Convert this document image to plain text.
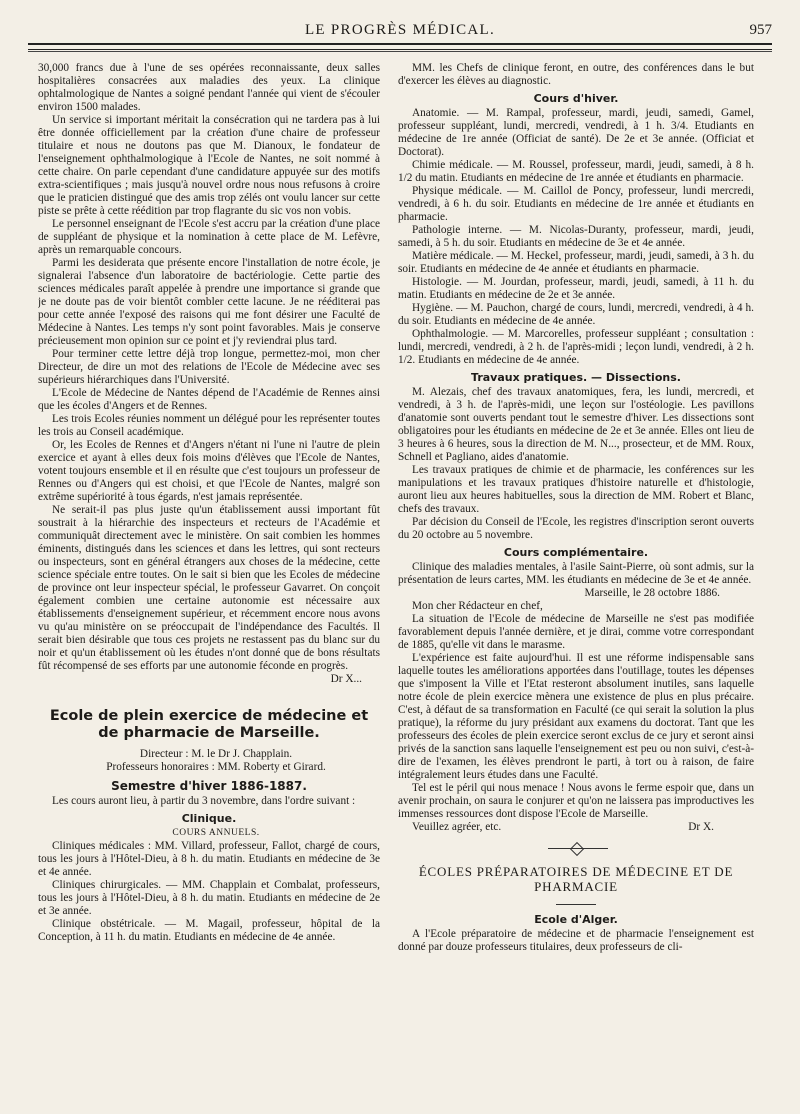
LE PROGRÈS MÉDICAL.	957

30,000 francs due à l'une de ses opérées reconnaissante, deux salles hospitalières consacrées aux maladies des yeux. La clinique ophtalmologique de Nantes a soigné pendant l'année qui vient de s'écouler environ 1500 malades.

Un service si important méritait la consécration qui ne tardera pas à lui être donnée officiellement par la création d'une chaire de professeur titulaire et nous ne doutons pas que M. Dianoux, le fondateur de l'enseignement ophthalmologique à l'Ecole de Nantes, ne soit nommé à cette chaire. On parle cependant d'une candidature appuyée sur des motifs extra-scientifiques ; mais jusqu'à nouvel ordre nous nous refusons à croire que le praticien distingué que des amis trop zélés ont voulu lancer sur cette piste se prête à cette réédition par trop flagrante du sic vos non vobis.

Le personnel enseignant de l'Ecole s'est accru par la création d'une place de suppléant de physique et la nomination à cette place de M. Lefèvre, après un remarquable concours.

Parmi les desiderata que présente encore l'installation de notre école, je signalerai l'absence d'un laboratoire de bactériologie. Cette partie des sciences médicales paraît appelée à prendre une importance si grande que je ne doute pas de voir bientôt combler cette lacune. Je ne rééditerai pas pour cette année l'exposé des raisons qui me font désirer une Faculté de Médecine à Nantes. Les temps n'y sont point favorables. Mais je conserve précieusement mon opinion sur ce point et j'y reviendrai plus tard.

Pour terminer cette lettre déjà trop longue, permettez-moi, mon cher Directeur, de dire un mot des relations de l'Ecole de Médecine avec ses supérieurs hiérarchiques dans l'Université.

L'Ecole de Médecine de Nantes dépend de l'Académie de Rennes ainsi que les écoles d'Angers et de Rennes.

Les trois Ecoles réunies nomment un délégué pour les représenter toutes les trois au Conseil académique.

Or, les Ecoles de Rennes et d'Angers n'étant ni l'une ni l'autre de plein exercice et ayant à elles deux fois moins d'élèves que l'Ecole de Nantes, votent toujours ensemble et il en résulte que c'est toujours un professeur de Rennes ou d'Angers qui est choisi, et que l'Ecole de Nantes, malgré son extrême supériorité à tous égards, n'est jamais représentée.

Ne serait-il pas plus juste qu'un établissement aussi important fût soustrait à la hiérarchie des inspecteurs et recteurs de l'Académie et communiquât directement avec le ministère. On sait combien les hommes éminents, distingués dans les sciences et dans les lettres, qui sont recteurs ou inspecteurs, sont en général étrangers aux choses de la médecine, cette science spéciale entre toutes. On le sait si bien que les Ecoles de médecine de province ont leur inspecteur spécial, le professeur Gavarret. On conçoit également combien une certaine autonomie est nécessaire aux établissements d'enseignement supérieur, et récemment encore nous avons vu qu'au ministère on se préoccupait de l'indépendance des Facultés. Il serait bien désirable que tous ces projets ne restassent pas du blanc sur du noir et qu'un établissement où les études n'ont donné que de bons résultats fût récompensé de ses efforts par une autonomie féconde en progrès.

Dr X...

Ecole de plein exercice de médecine et de pharmacie de Marseille.

Directeur : M. le Dr J. Chapplain.

Professeurs honoraires : MM. Roberty et Girard.

Semestre d'hiver 1886-1887.

Les cours auront lieu, à partir du 3 novembre, dans l'ordre suivant :

Clinique.

COURS ANNUELS.

Cliniques médicales : MM. Villard, professeur, Fallot, chargé de cours, tous les jours à l'Hôtel-Dieu, à 8 h. du matin. Etudiants en médecine de 3e et 4e année.

Cliniques chirurgicales. — MM. Chapplain et Combalat, professeurs, tous les jours à l'Hôtel-Dieu, à 8 h. du matin. Etudiants en médecine de 2e et 3e année.

Clinique obstétricale. — M. Magail, professeur, hôpital de la Conception, à 11 h. du matin. Etudiants en médecine de 4e année.

MM. les Chefs de clinique feront, en outre, des conférences dans le but d'exercer les élèves au diagnostic.

Cours d'hiver.

Anatomie. — M. Rampal, professeur, mardi, jeudi, samedi, Gamel, professeur suppléant, lundi, mercredi, vendredi, à 1 h. 3/4. Etudiants en médecine de 1re année (Officiat de santé). De 2e et 3e année. (Officiat et Doctorat).

Chimie médicale. — M. Roussel, professeur, mardi, jeudi, samedi, à 8 h. 1/2 du matin. Etudiants en médecine de 1re année et étudiants en pharmacie.

Physique médicale. — M. Caillol de Poncy, professeur, lundi mercredi, vendredi, à 6 h. du soir. Etudiants en médecine de 1re année et étudiants en pharmacie.

Pathologie interne. — M. Nicolas-Duranty, professeur, mardi, jeudi, samedi, à 5 h. du soir. Etudiants en médecine de 3e et 4e année.

Matière médicale. — M. Heckel, professeur, mardi, jeudi, samedi, à 3 h. du soir. Etudiants en médecine de 4e année et étudiants en pharmacie.

Histologie. — M. Jourdan, professeur, mardi, jeudi, samedi, à 11 h. du matin. Etudiants en médecine de 2e et 3e année.

Hygiène. — M. Pauchon, chargé de cours, lundi, mercredi, vendredi, à 4 h. du soir. Etudiants en médecine de 4e année.

Ophthalmologie. — M. Marcorelles, professeur suppléant ; consultation : lundi, mercredi, vendredi, à 2 h. de l'après-midi ; leçon lundi, vendredi, à 2 h. 1/2. Etudiants en médecine de 4e année.

Travaux pratiques. — Dissections.

M. Alezais, chef des travaux anatomiques, fera, les lundi, mercredi, et vendredi, à 3 h. de l'après-midi, une leçon sur l'ostéologie. Les pavillons d'anatomie sont ouverts pendant tout le semestre d'hiver. Les dissections sont obligatoires pour les étudiants en médecine de 2e et 3e année. Elles ont lieu de 3 heures à 6 heures, sous la direction de M. N..., prosecteur, et de MM. Roux, Schnell et Pagliano, aides d'anatomie.

Les travaux pratiques de chimie et de pharmacie, les conférences sur les manipulations et les travaux pratiques d'histoire naturelle et d'histologie, auront lieu aux heures habituelles, sous la direction de MM. Robert et Blanc, chefs des travaux.

Par décision du Conseil de l'Ecole, les registres d'inscription seront ouverts du 20 octobre au 5 novembre.

Cours complémentaire.

Clinique des maladies mentales, à l'asile Saint-Pierre, où sont admis, sur la présentation de leurs cartes, MM. les étudiants en médecine de 3e et 4e année.

Marseille, le 28 octobre 1886.

Mon cher Rédacteur en chef,

La situation de l'Ecole de médecine de Marseille ne s'est pas modifiée favorablement depuis l'année dernière, et je dirai, comme votre correspondant de 1885, qu'elle vit dans le marasme.

L'expérience est faite aujourd'hui. Il est une réforme indispensable sans laquelle toutes les améliorations apportées dans l'outillage, toutes les dépenses que s'imposent la Ville et l'Etat resteront absolument inutiles, sans laquelle notre école de plein exercice mènera une existence de plus en plus précaire. C'est, à défaut de sa transformation en Faculté (ce qui serait la solution la plus pratique), la réforme du jury présidant aux examens du doctorat. Tant que les professeurs des écoles de plein exercice seront exclus de ce jury et seront ainsi privés de la sanction sans laquelle l'enseignement est peu ou non suivi, c'est-à-dire de l'examen, les élèves prendront le parti, à tort ou à raison, de faire intégralement leurs études dans une Faculté.

Tel est le péril qui nous menace ! Nous avons le ferme espoir que, dans un avenir prochain, on saura le conjurer et qu'on ne laissera pas improductives les immenses ressources dont dispose l'Ecole de Marseille.

Veuillez agréer, etc.	Dr X.

ÉCOLES PRÉPARATOIRES DE MÉDECINE ET DE PHARMACIE
Ecole d'Alger.

A l'Ecole préparatoire de médecine et de pharmacie l'enseignement est donné par douze professeurs titulaires, deux professeurs de cli-
